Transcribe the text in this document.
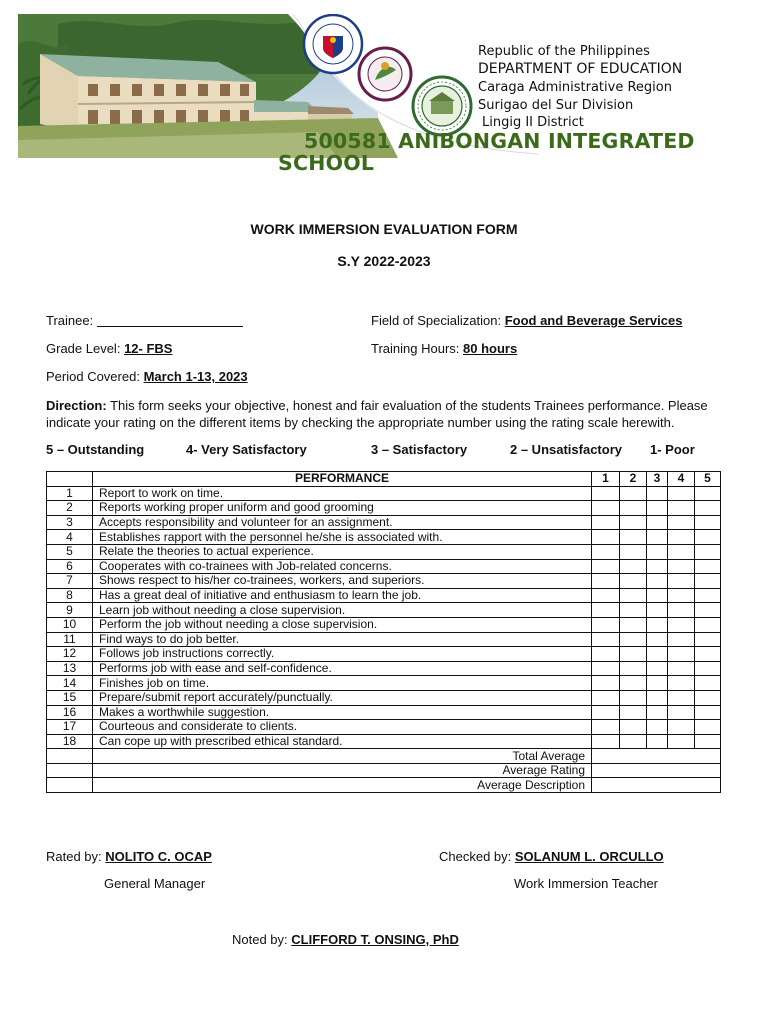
Republic of the Philippines
DEPARTMENT OF EDUCATION
Caraga Administrative Region
Surigao del Sur Division
Lingig II District
500581 ANIBONGAN INTEGRATED SCHOOL
WORK IMMERSION EVALUATION FORM
S.Y 2022-2023
Trainee:	Field of Specialization: Food and Beverage Services
Grade Level: 12- FBS	Training Hours: 80 hours
Period Covered: March 1-13, 2023
Direction: This form seeks your objective, honest and fair evaluation of the students Trainees performance. Please indicate your rating on the different items by checking the appropriate number using the rating scale herewith.
5 – Outstanding	4- Very Satisfactory	3 – Satisfactory	2 – Unsatisfactory 1- Poor
	PERFORMANCE	1	2	3	4	5
1	Report to work on time.					
2	Reports working proper uniform and good grooming					
3	Accepts responsibility and volunteer for an assignment.					
4	Establishes rapport with the personnel he/she is associated with.					
5	Relate the theories to actual experience.					
6	Cooperates with co-trainees with Job-related concerns.					
7	Shows respect to his/her co-trainees, workers, and superiors.					
8	Has a great deal of initiative and enthusiasm to learn the job.					
9	Learn job without needing a close supervision.					
10	Perform the job without needing a close supervision.					
11	Find ways to do job better.					
12	Follows job instructions correctly.					
13	Performs job with ease and self-confidence.					
14	Finishes job on time.					
15	Prepare/submit report accurately/punctually.					
16	Makes a worthwhile suggestion.					
17	Courteous and considerate to clients.					
18	Can cope up with prescribed ethical standard.					
	Total Average					
	Average Rating					
	Average Description					
Rated by: NOLITO C. OCAP
General Manager
Checked by: SOLANUM L. ORCULLO
Work Immersion Teacher
Noted by: CLIFFORD T. ONSING, PhD
